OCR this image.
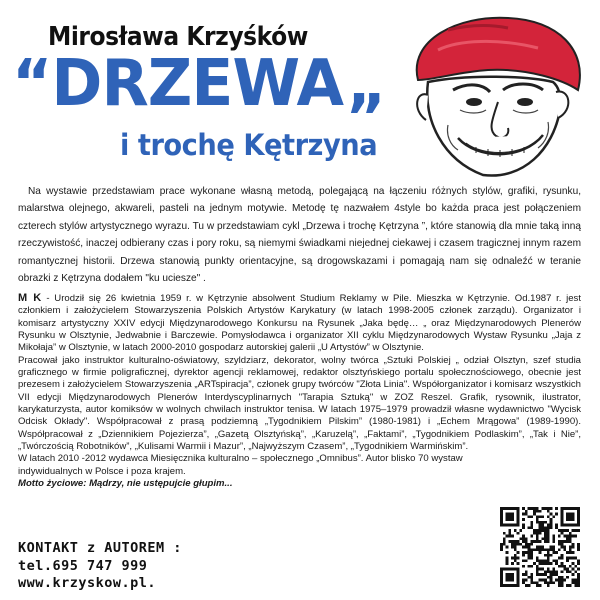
Mirosława Krzyśków
“DRZEWA„
i trochę Kętrzyna
Na wystawie przedstawiam prace wykonane własną metodą, polegającą na łączeniu różnych stylów, grafiki, rysunku, malarstwa olejnego, akwareli, pasteli na jednym motywie. Metodę tę nazwałem 4style bo każda praca jest połączeniem czterech stylów artystycznego wyrazu. Tu w przedstawiam cykl „Drzewa i trochę Kętrzyna ”, które stanowią dla mnie taką inną rzeczywistość, inaczej odbierany czas i pory roku, są niemymi świadkami niejednej ciekawej i czasem tragicznej innym razem romantycznej historii. Drzewa stanowią punkty orientacyjne, są drogowskazami i pomagają nam się odnaleźć w teranie obrazki z Kętrzyna dodałem "ku uciesze" .

M K - Urodził się 26 kwietnia 1959 r. w Kętrzynie absolwent Studium Reklamy w Pile. Mieszka w Kętrzynie. Od.1987 r. jest członkiem i założycielem Stowarzyszenia Polskich Artystów Karykatury (w latach 1998-2005 członek zarządu). Organizator i komisarz artystyczny XXIV edycji Międzynarodowego Konkursu na Rysunek „Jaka będę… „ oraz Międzynarodowych Plenerów Rysunku w Olsztynie, Jedwabnie i Barczewie. Pomysłodawca i organizator XII cyklu Międzynarodowych Wystaw Rysunku „Jaja z Mikołaja” w Olsztynie, w latach 2000-2010 gospodarz autorskiej galerii „U Artystów” w Olsztynie.

Pracował jako instruktor kulturalno-oświatowy, szyldziarz, dekorator, wolny twórca „Sztuki Polskiej „ odział Olsztyn, szef studia graficznego w firmie poligraficznej, dyrektor agencji reklamowej, redaktor olsztyńskiego portalu społecznościowego, obecnie jest prezesem i założycielem Stowarzyszenia „ARTspiracja”, członek grupy twórców "Złota Linia". Współorganizator i komisarz wszystkich VII edycji Międzynarodowych Plenerów Interdyscyplinarnych "Tarapia Sztuką" w ZOZ Reszel. Grafik, rysownik, ilustrator, karykaturzysta, autor komiksów w wolnych chwilach instruktor tenisa. W latach 1975–1979 prowadził własne wydawnictwo "Wycisk Odcisk Okłady". Współpracował z prasą podziemną „Tygodnikiem Pilskim” (1980-1981) i „Echem Mrągowa” (1989-1990). Współpracował z „Dziennikiem Pojezierza”, „Gazetą Olsztyńską”, „Karuzelą”, „Faktami”, „Tygodnikiem Podlaskim”, „Tak i Nie”, „Twórczością Robotników”, „Kulisami Warmii i Mazur”, „Najwyższym Czasem”, „Tygodnikiem Warmińskim”.

W latach 2010 -2012 wydawca Miesięcznika kulturalno – społecznego „Omnibus”. Autor blisko 70 wystaw indywidualnych w Polsce i poza krajem.

Motto życiowe: Mądrzy, nie ustępujcie głupim...

KONTAKT z AUTOREM :
tel.695 747 999
www.krzyskow.pl.
